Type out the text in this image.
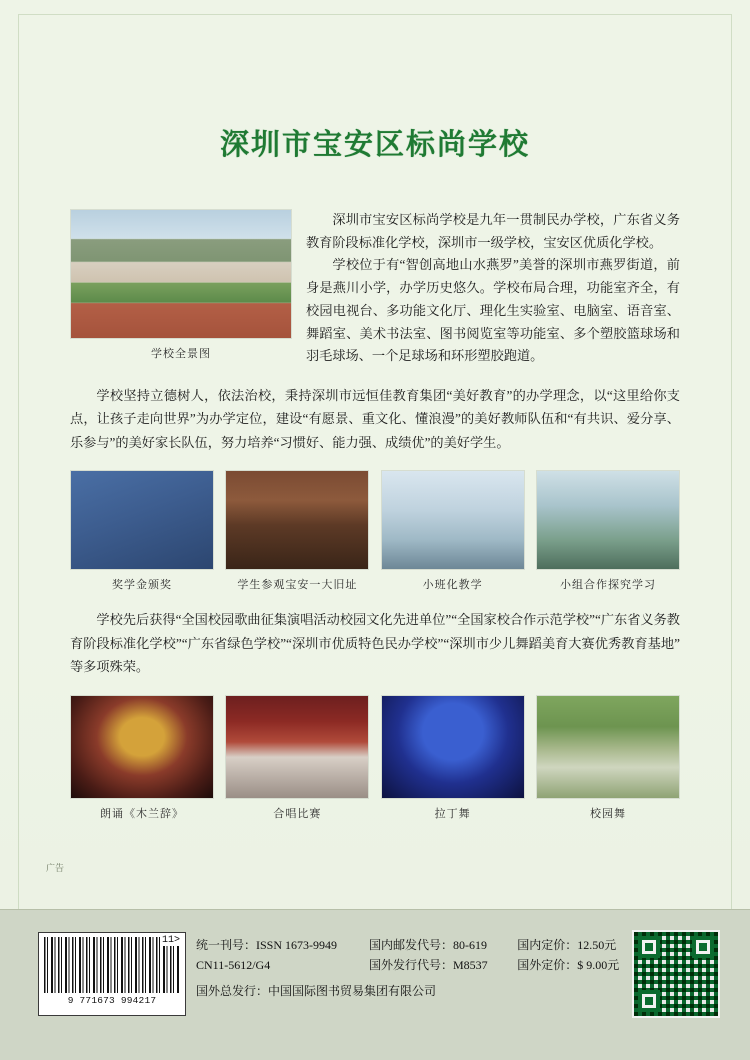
深圳市宝安区标尚学校
学校全景图

深圳市宝安区标尚学校是九年一贯制民办学校，广东省义务教育阶段标准化学校，深圳市一级学校，宝安区优质化学校。

学校位于有“智创高地山水燕罗”美誉的深圳市燕罗街道，前身是燕川小学，办学历史悠久。学校布局合理，功能室齐全，有校园电视台、多功能文化厅、理化生实验室、电脑室、语音室、舞蹈室、美术书法室、图书阅览室等功能室、多个塑胶篮球场和羽毛球场、一个足球场和环形塑胶跑道。

学校坚持立德树人，依法治校，秉持深圳市远恒佳教育集团“美好教育”的办学理念，以“这里给你支点，让孩子走向世界”为办学定位，建设“有愿景、重文化、懂浪漫”的美好教师队伍和“有共识、爱分享、乐参与”的美好家长队伍，努力培养“习惯好、能力强、成绩优”的美好学生。

奖学金颁奖	学生参观宝安一大旧址	小班化教学	小组合作探究学习

学校先后获得“全国校园歌曲征集演唱活动校园文化先进单位”“全国家校合作示范学校”“广东省义务教育阶段标准化学校”“广东省绿色学校”“深圳市优质特色民办学校”“深圳市少儿舞蹈美育大赛优秀教育基地”等多项殊荣。

朗诵《木兰辞》	合唱比赛	拉丁舞	校园舞
广告
11>
9 771673 994217
统一刊号：ISSN 1673-9949	国内邮发代号：80-619	国内定价：12.50元
CN11-5612/G4	国外发行代号：M8537	国外定价：$ 9.00元
国外总发行：中国国际图书贸易集团有限公司
